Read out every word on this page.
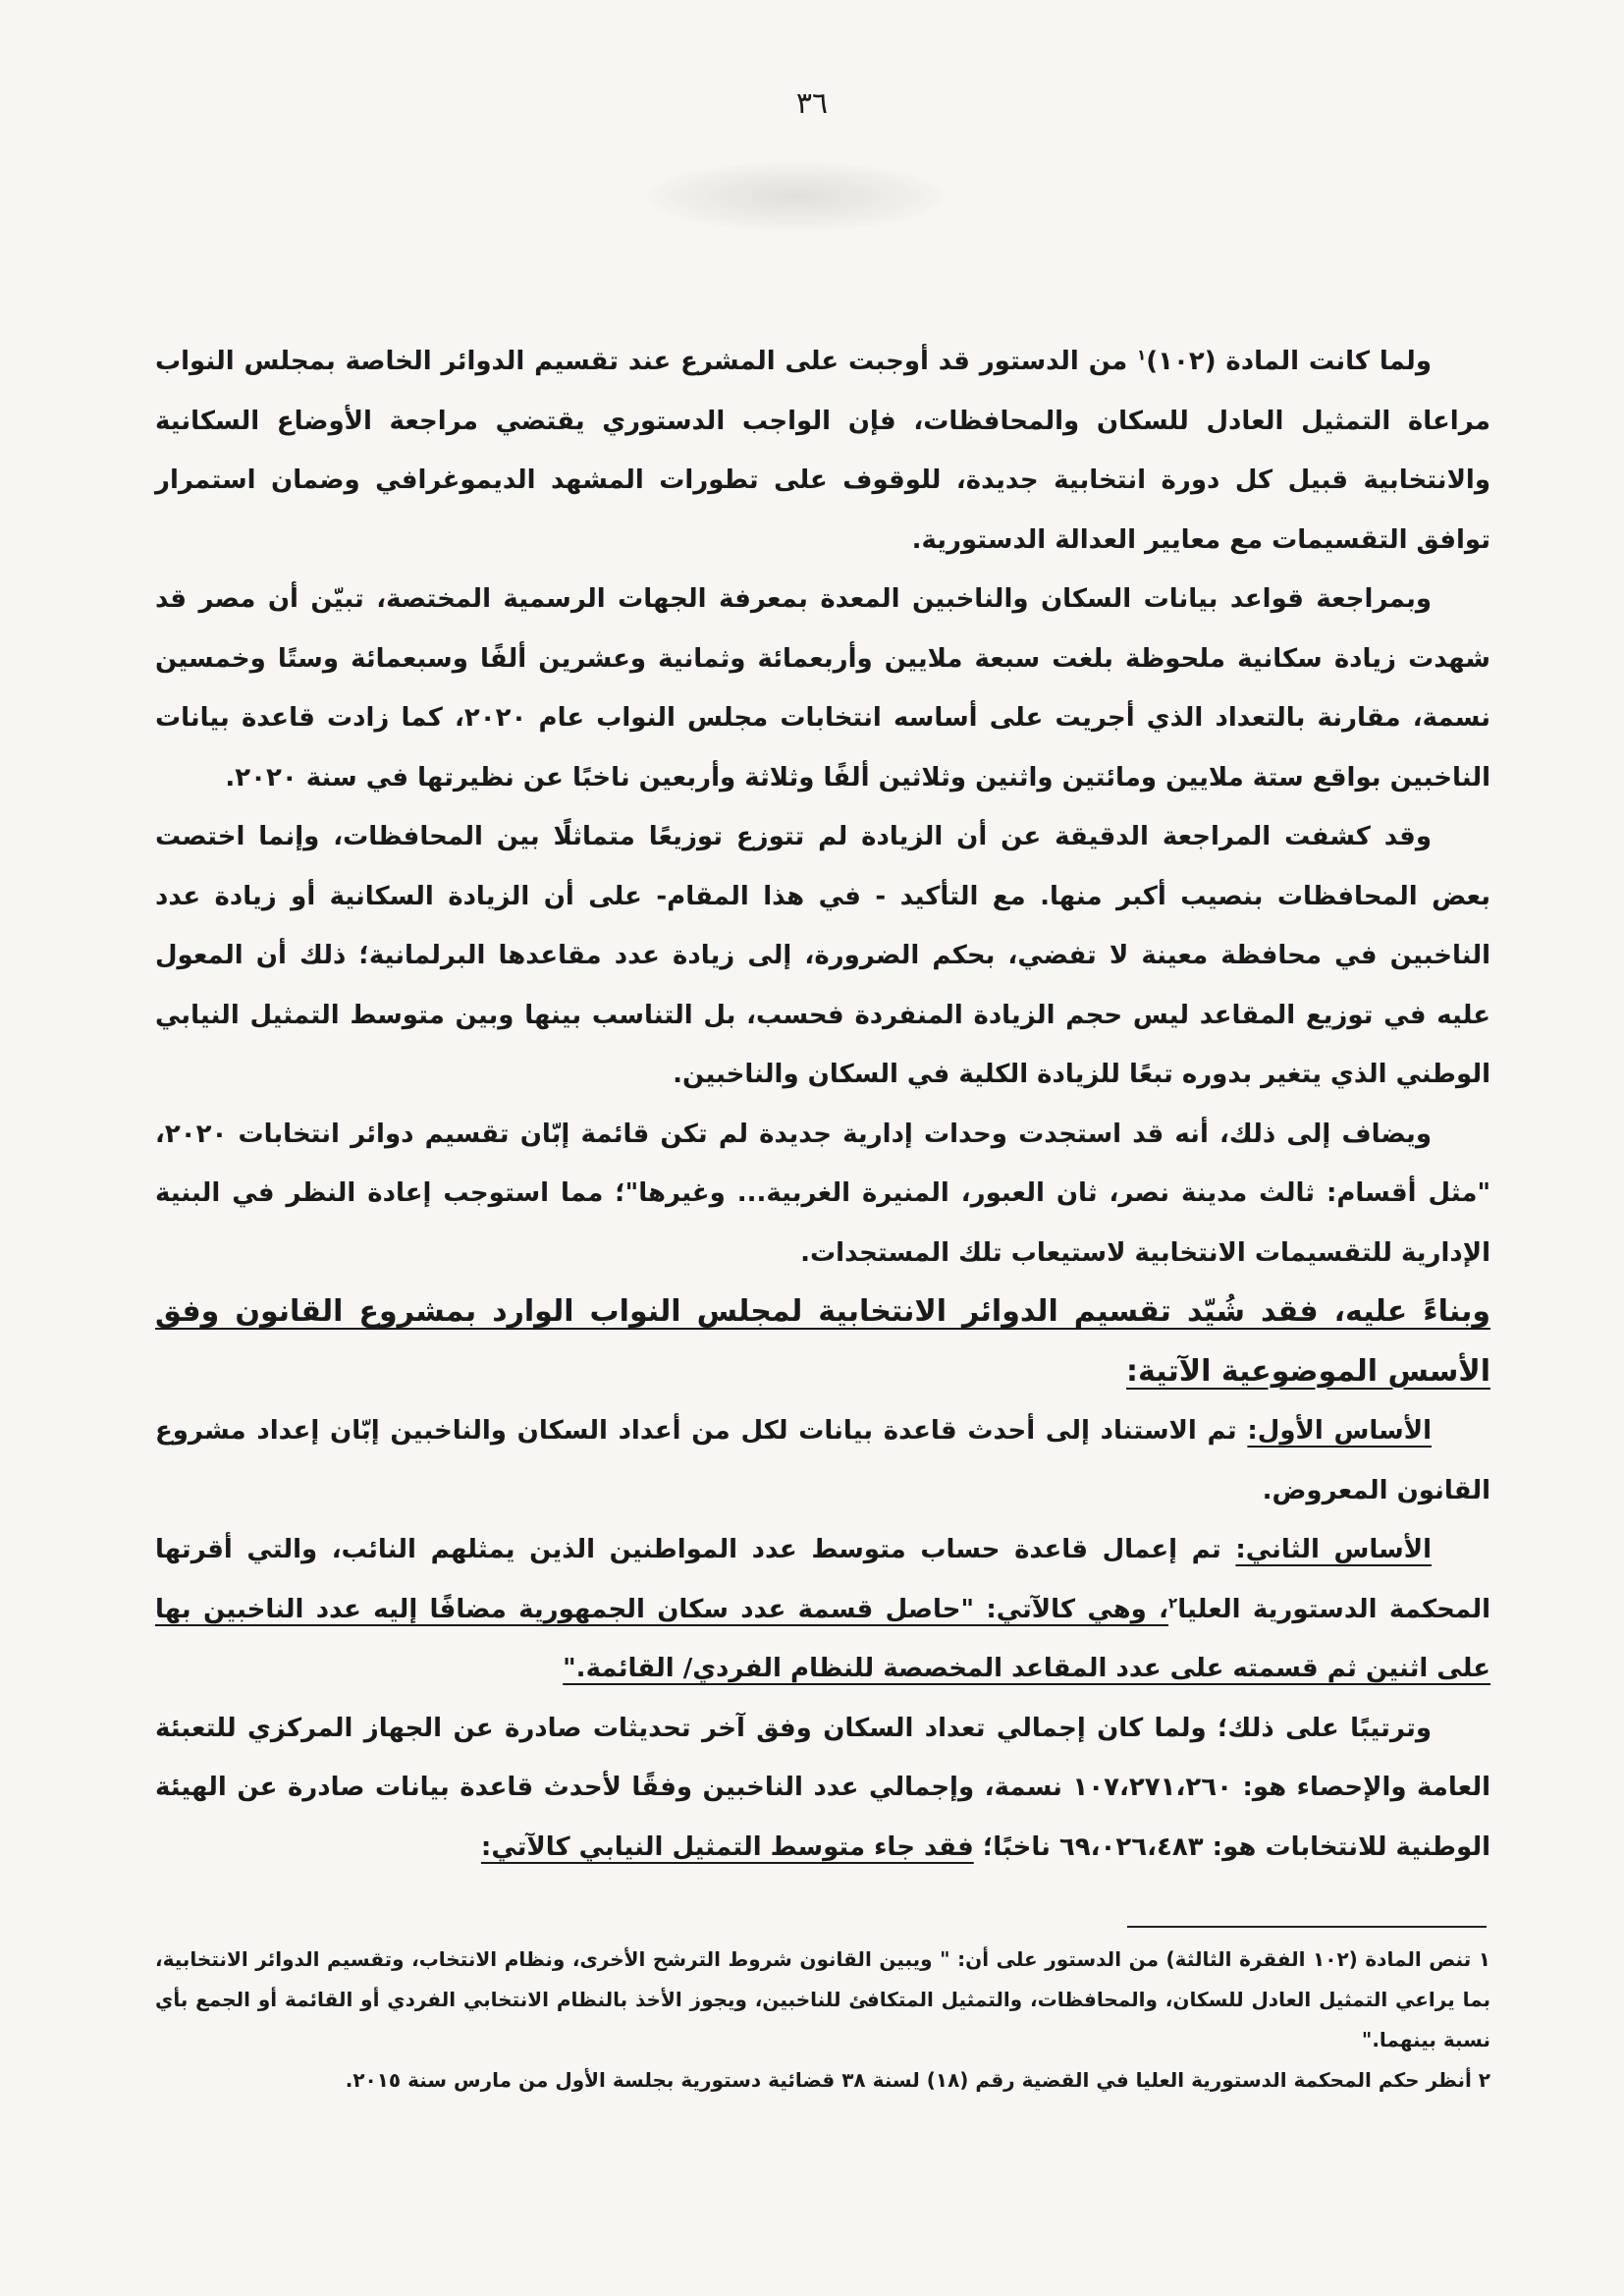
٣٦

ولما كانت المادة (١٠٢)$^١$ من الدستور قد أوجبت على المشرع عند تقسيم الدوائر الخاصة بمجلس النواب مراعاة التمثيل العادل للسكان والمحافظات، فإن الواجب الدستوري يقتضي مراجعة الأوضاع السكانية والانتخابية قبيل كل دورة انتخابية جديدة، للوقوف على تطورات المشهد الديموغرافي وضمان استمرار توافق التقسيمات مع معايير العدالة الدستورية.

وبمراجعة قواعد بيانات السكان والناخبين المعدة بمعرفة الجهات الرسمية المختصة، تبيّن أن مصر قد شهدت زيادة سكانية ملحوظة بلغت سبعة ملايين وأربعمائة وثمانية وعشرين ألفًا وسبعمائة وستًا وخمسين نسمة، مقارنة بالتعداد الذي أجريت على أساسه انتخابات مجلس النواب عام ٢٠٢٠، كما زادت قاعدة بيانات الناخبين بواقع ستة ملايين ومائتين واثنين وثلاثين ألفًا وثلاثة وأربعين ناخبًا عن نظيرتها في سنة ٢٠٢٠.

وقد كشفت المراجعة الدقيقة عن أن الزيادة لم تتوزع توزيعًا متماثلًا بين المحافظات، وإنما اختصت بعض المحافظات بنصيب أكبر منها. مع التأكيد - في هذا المقام- على أن الزيادة السكانية أو زيادة عدد الناخبين في محافظة معينة لا تفضي، بحكم الضرورة، إلى زيادة عدد مقاعدها البرلمانية؛ ذلك أن المعول عليه في توزيع المقاعد ليس حجم الزيادة المنفردة فحسب، بل التناسب بينها وبين متوسط التمثيل النيابي الوطني الذي يتغير بدوره تبعًا للزيادة الكلية في السكان والناخبين.

ويضاف إلى ذلك، أنه قد استجدت وحدات إدارية جديدة لم تكن قائمة إبّان تقسيم دوائر انتخابات ٢٠٢٠، "مثل أقسام: ثالث مدينة نصر، ثان العبور، المنيرة الغربية... وغيرها"؛ مما استوجب إعادة النظر في البنية الإدارية للتقسيمات الانتخابية لاستيعاب تلك المستجدات.

وبناءً عليه، فقد شُيّد تقسيم الدوائر الانتخابية لمجلس النواب الوارد بمشروع القانون وفق الأسس الموضوعية الآتية:

الأساس الأول: تم الاستناد إلى أحدث قاعدة بيانات لكل من أعداد السكان والناخبين إبّان إعداد مشروع القانون المعروض.

الأساس الثاني: تم إعمال قاعدة حساب متوسط عدد المواطنين الذين يمثلهم النائب، والتي أقرتها المحكمة الدستورية العليا$^٢$، وهي كالآتي: "حاصل قسمة عدد سكان الجمهورية مضافًا إليه عدد الناخبين بها على اثنين ثم قسمته على عدد المقاعد المخصصة للنظام الفردي/ القائمة."

وترتيبًا على ذلك؛ ولما كان إجمالي تعداد السكان وفق آخر تحديثات صادرة عن الجهاز المركزي للتعبئة العامة والإحصاء هو: ١٠٧،٢٧١،٢٦٠ نسمة، وإجمالي عدد الناخبين وفقًا لأحدث قاعدة بيانات صادرة عن الهيئة الوطنية للانتخابات هو: ٦٩،٠٢٦،٤٨٣ ناخبًا؛ فقد جاء متوسط التمثيل النيابي كالآتي:

١ تنص المادة (١٠٢ الفقرة الثالثة) من الدستور على أن: " ويبين القانون شروط الترشح الأخرى، ونظام الانتخاب، وتقسيم الدوائر الانتخابية، بما يراعي التمثيل العادل للسكان، والمحافظات، والتمثيل المتكافئ للناخبين، ويجوز الأخذ بالنظام الانتخابي الفردي أو القائمة أو الجمع بأي نسبة بينهما."

٢ أنظر حكم المحكمة الدستورية العليا في القضية رقم (١٨) لسنة ٣٨ قضائية دستورية بجلسة الأول من مارس سنة ٢٠١٥.
